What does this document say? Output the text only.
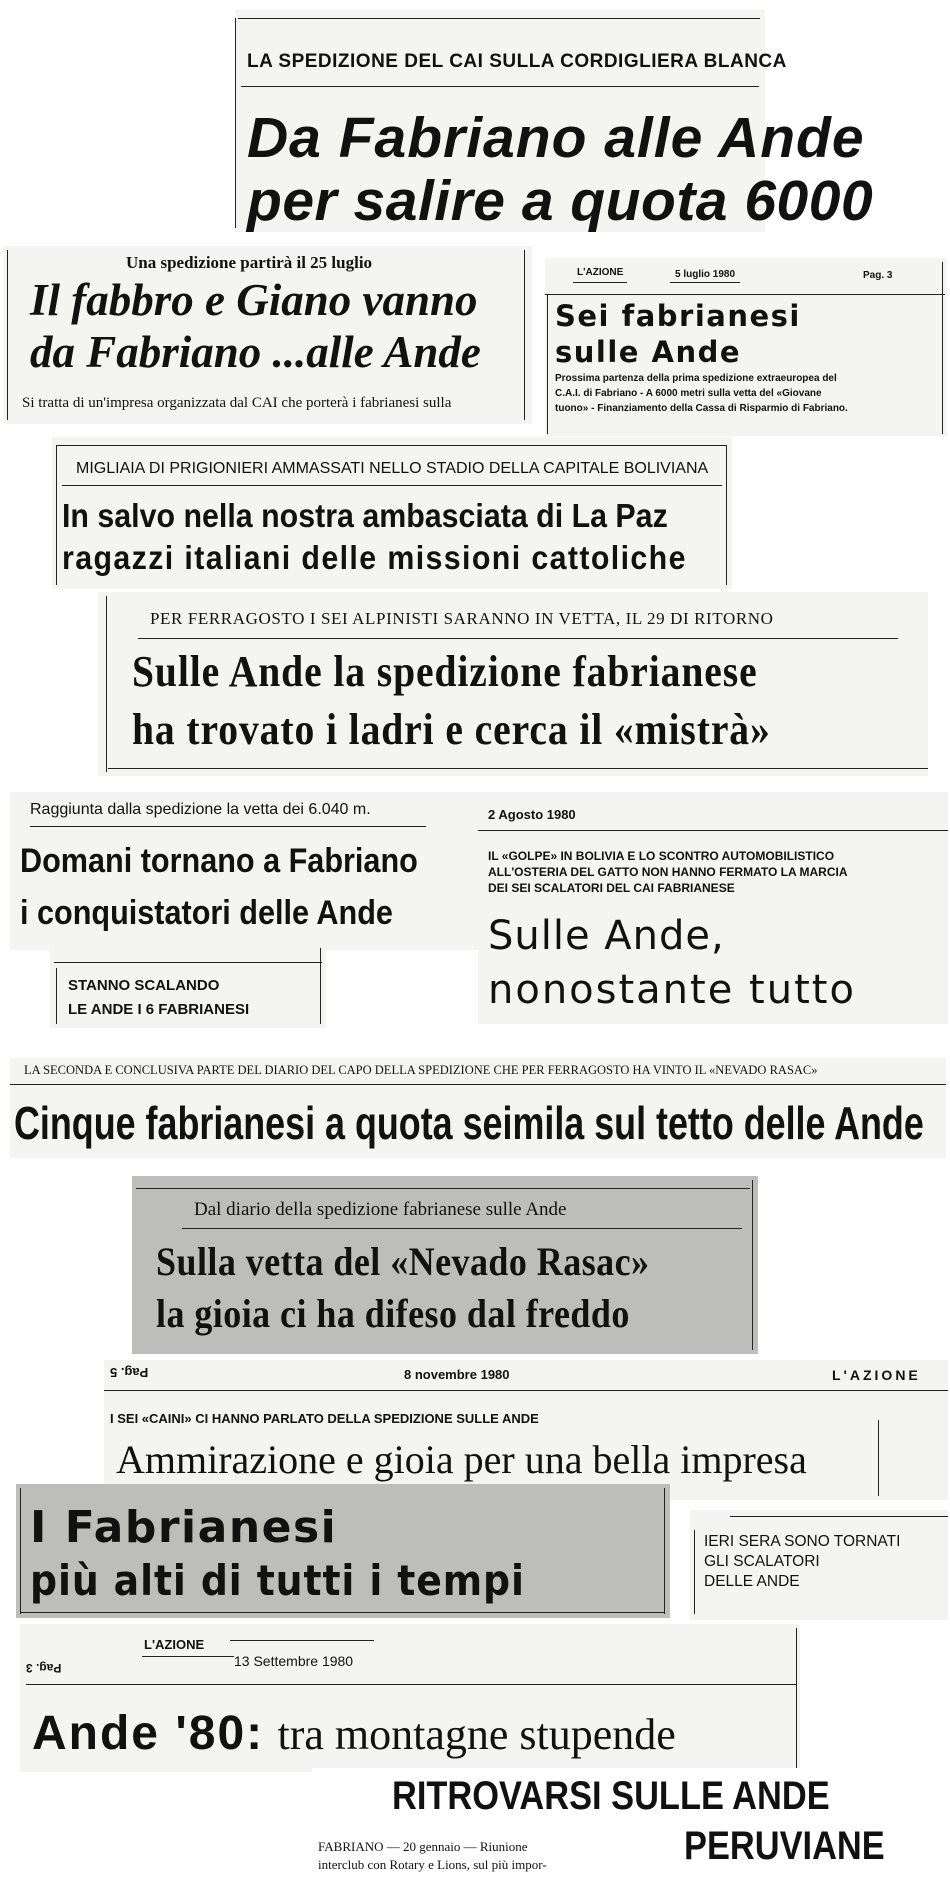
LA SPEDIZIONE DEL CAI SULLA CORDIGLIERA BLANCA
Da Fabriano alle Ande
per salire a quota 6000
Una spedizione partirà il 25 luglio
Il fabbro e Giano vanno
da Fabriano ...alle Ande
Si tratta di un'impresa organizzata dal CAI che porterà i fabrianesi sulla
L'AZIONE	5 luglio 1980	Pag. 3
Sei fabrianesi
sulle Ande
Prossima partenza della prima spedizione extraeuropea del
C.A.I. di Fabriano - A 6000 metri sulla vetta del «Giovane
tuono» - Finanziamento della Cassa di Risparmio di Fabriano.
MIGLIAIA DI PRIGIONIERI AMMASSATI NELLO STADIO DELLA CAPITALE BOLIVIANA
In salvo nella nostra ambasciata di La Paz
ragazzi italiani delle missioni cattoliche
PER FERRAGOSTO I SEI ALPINISTI SARANNO IN VETTA, IL 29 DI RITORNO
Sulle Ande la spedizione fabrianese
ha trovato i ladri e cerca il «mistrà»
Raggiunta dalla spedizione la vetta dei 6.040 m.
Domani tornano a Fabriano
i conquistatori delle Ande
STANNO SCALANDO
LE ANDE I 6 FABRIANESI
2 Agosto 1980
IL «GOLPE» IN BOLIVIA E LO SCONTRO AUTOMOBILISTICO
ALL'OSTERIA DEL GATTO NON HANNO FERMATO LA MARCIA
DEI SEI SCALATORI DEL CAI FABRIANESE
Sulle Ande,
nonostante tutto
LA SECONDA E CONCLUSIVA PARTE DEL DIARIO DEL CAPO DELLA SPEDIZIONE CHE PER FERRAGOSTO HA VINTO IL «NEVADO RASAC»
Cinque fabrianesi a quota seimila sul tetto delle Ande
Dal diario della spedizione fabrianese sulle Ande
Sulla vetta del «Nevado Rasac»
la gioia ci ha difeso dal freddo
Pag. 5	8 novembre 1980	L'AZIONE
I SEI «CAINI» CI HANNO PARLATO DELLA SPEDIZIONE SULLE ANDE
Ammirazione e gioia per una bella impresa
I Fabrianesi
più alti di tutti i tempi
IERI SERA SONO TORNATI
GLI SCALATORI
DELLE ANDE
Pag. 3
L'AZIONE
13 Settembre 1980
Ande '80: tra montagne stupende
RITROVARSI SULLE ANDE
PERUVIANE
FABRIANO — 20 gennaio — Riunione
interclub con Rotary e Lions, sul più impor-
